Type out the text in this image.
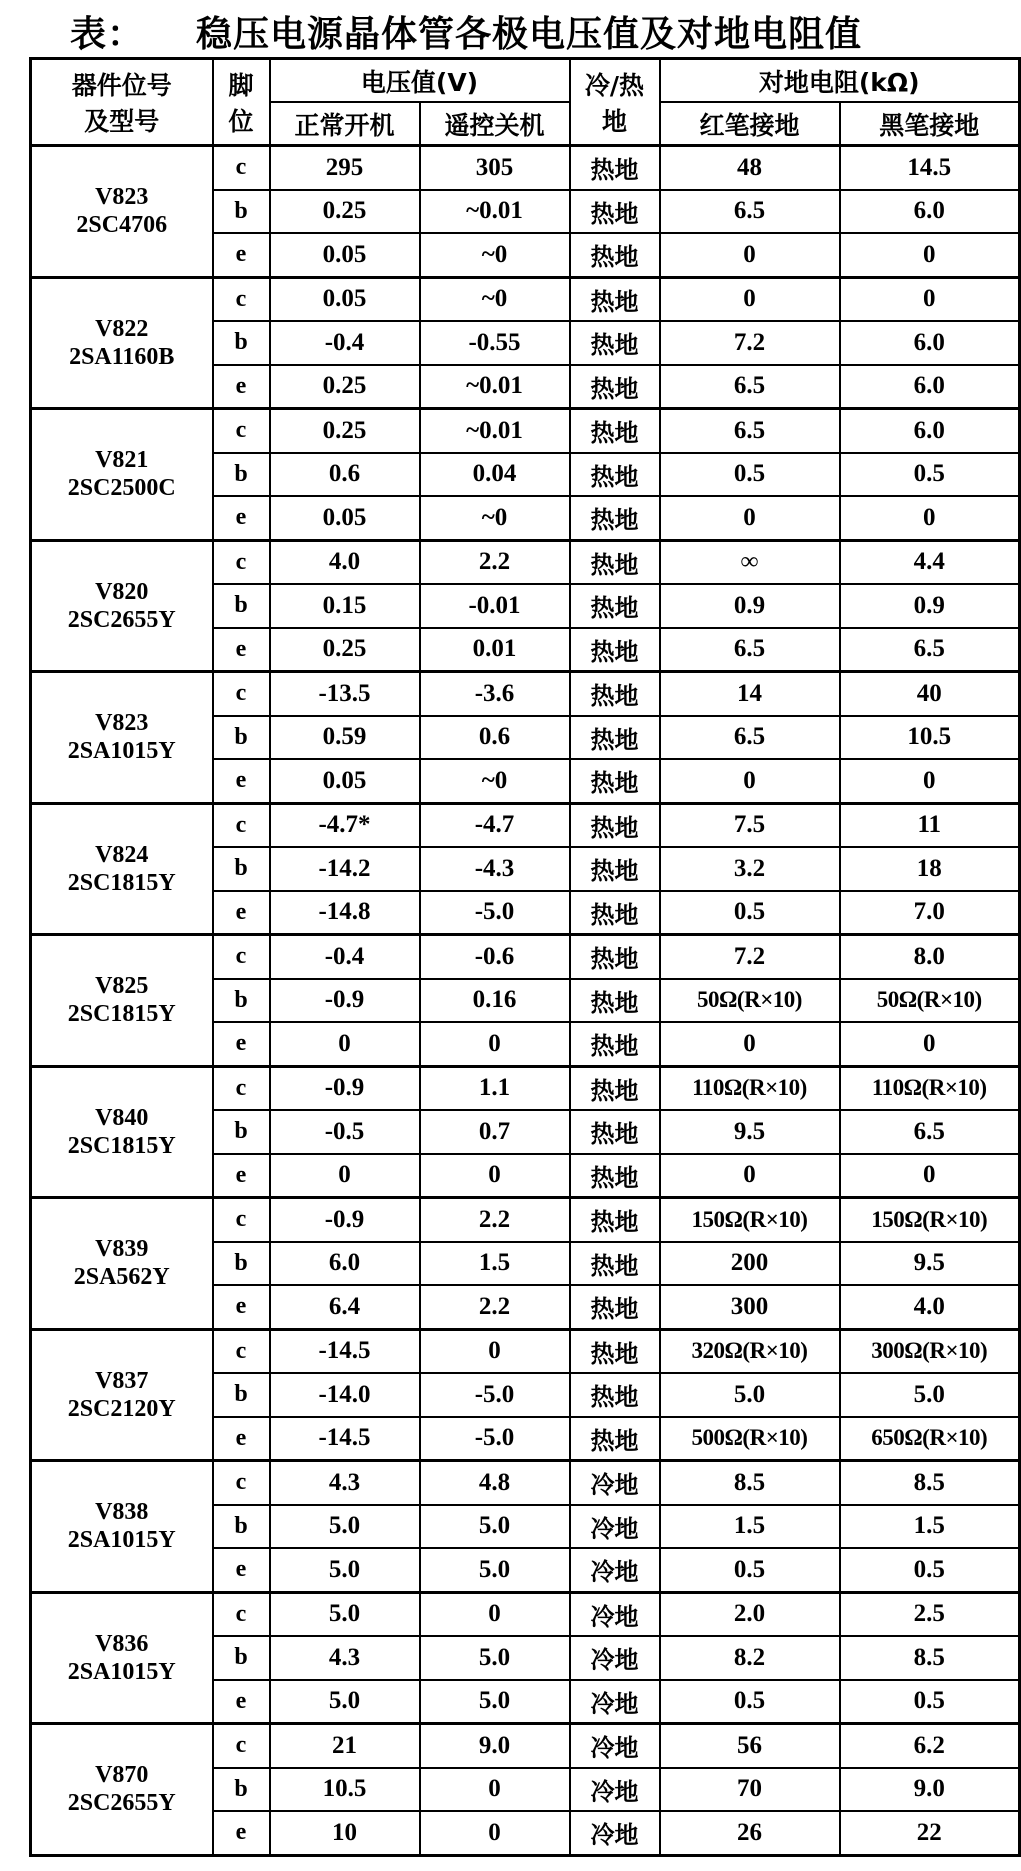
表： 稳压电源晶体管各极电压值及对地电阻值
器件位号
及型号

脚
位
	电压值(V)	冷/热
地
	对地电阻(kΩ)
		正常开机	遥控关机		红笔接地	黑笔接地

V823
2SC4706	c	295	305	热地	48	14.5
	b	0.25	~0.01	热地	6.5	6.0
	e	0.05	~0	热地	0	0

V822
2SA1160B	c	0.05	~0	热地	0	0
	b	-0.4	-0.55	热地	7.2	6.0
	e	0.25	~0.01	热地	6.5	6.0

V821
2SC2500C	c	0.25	~0.01	热地	6.5	6.0
	b	0.6	0.04	热地	0.5	0.5
	e	0.05	~0	热地	0	0

V820
2SC2655Y	c	4.0	2.2	热地	∞	4.4
	b	0.15	-0.01	热地	0.9	0.9
	e	0.25	0.01	热地	6.5	6.5

V823
2SA1015Y	c	-13.5	-3.6	热地	14	40
	b	0.59	0.6	热地	6.5	10.5
	e	0.05	~0	热地	0	0

V824
2SC1815Y	c	-4.7*	-4.7	热地	7.5	11
	b	-14.2	-4.3	热地	3.2	18
	e	-14.8	-5.0	热地	0.5	7.0

V825
2SC1815Y	c	-0.4	-0.6	热地	7.2	8.0
	b	-0.9	0.16	热地	50Ω(R×10)	50Ω(R×10)
	e	0	0	热地	0	0

V840
2SC1815Y	c	-0.9	1.1	热地	110Ω(R×10)	110Ω(R×10)
	b	-0.5	0.7	热地	9.5	6.5
	e	0	0	热地	0	0

V839
2SA562Y	c	-0.9	2.2	热地	150Ω(R×10)	150Ω(R×10)
	b	6.0	1.5	热地	200	9.5
	e	6.4	2.2	热地	300	4.0

V837
2SC2120Y	c	-14.5	0	热地	320Ω(R×10)	300Ω(R×10)
	b	-14.0	-5.0	热地	5.0	5.0
	e	-14.5	-5.0	热地	500Ω(R×10)	650Ω(R×10)

V838
2SA1015Y	c	4.3	4.8	冷地	8.5	8.5
	b	5.0	5.0	冷地	1.5	1.5
	e	5.0	5.0	冷地	0.5	0.5

V836
2SA1015Y	c	5.0	0	冷地	2.0	2.5
	b	4.3	5.0	冷地	8.2	8.5
	e	5.0	5.0	冷地	0.5	0.5

V870
2SC2655Y	c	21	9.0	冷地	56	6.2
	b	10.5	0	冷地	70	9.0
	e	10	0	冷地	26	22
